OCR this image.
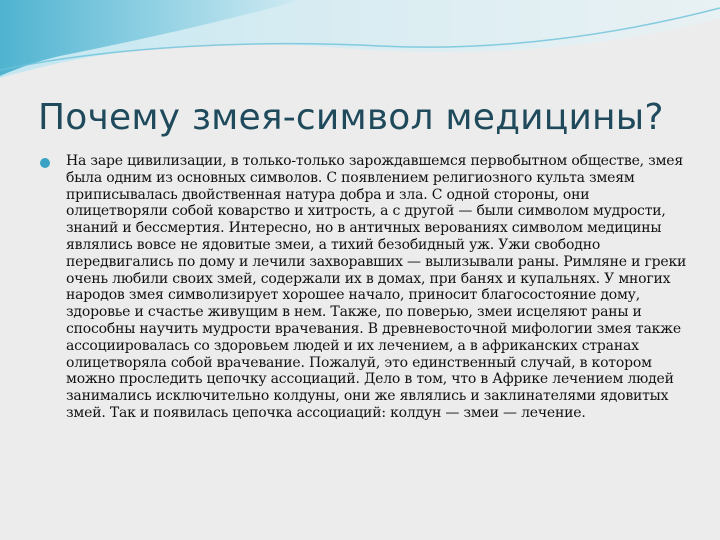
Почему змея-символ медицины?
На заре цивилизации, в только-только зарождавшемся первобытном обществе, змея была одним из основных символов. С появлением религиозного культа змеям приписывалась двойственная натура добра и зла. С одной стороны, они олицетворяли собой коварство и хитрость, а с другой — были символом мудрости, знаний и бессмертия. Интересно, но в античных верованиях символом медицины являлись вовсе не ядовитые змеи, а тихий безобидный уж. Ужи свободно передвигались по дому и лечили захворавших — вылизывали раны. Римляне и греки очень любили своих змей, содержали их в домах, при банях и купальнях. У многих народов змея символизирует хорошее начало, приносит благосостояние дому, здоровье и счастье живущим в нем. Также, по поверью, змеи исцеляют раны и способны научить мудрости врачевания. В древневосточной мифологии змея также ассоциировалась со здоровьем людей и их лечением, а в африканских странах олицетворяла собой врачевание. Пожалуй, это единственный случай, в котором можно проследить цепочку ассоциаций. Дело в том, что в Африке лечением людей занимались исключительно колдуны, они же являлись и заклинателями ядовитых змей. Так и появилась цепочка ассоциаций: колдун — змеи — лечение.
